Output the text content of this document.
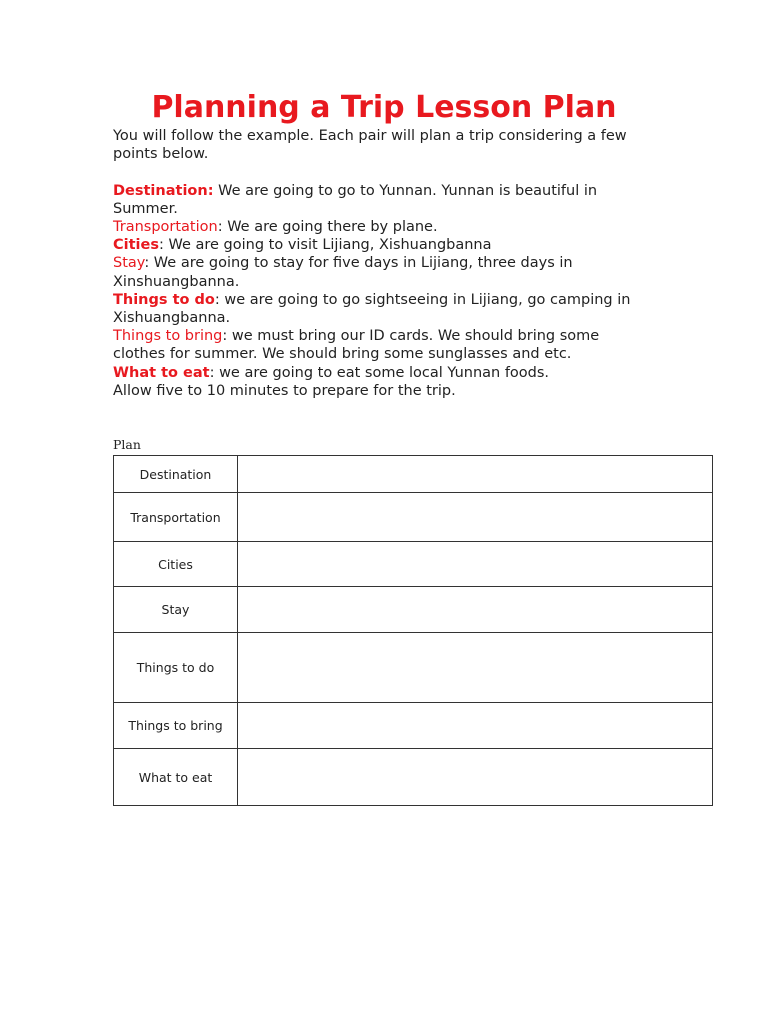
Planning a Trip Lesson Plan

You will follow the example. Each pair will plan a trip considering a few points below.

Destination: We are going to go to Yunnan. Yunnan is beautiful in Summer.

Transportation: We are going there by plane.

Cities: We are going to visit Lijiang, Xishuangbanna

Stay: We are going to stay for five days in Lijiang, three days in Xinshuangbanna.

Things to do: we are going to go sightseeing in Lijiang, go camping in Xishuangbanna.

Things to bring: we must bring our ID cards. We should bring some clothes for summer. We should bring some sunglasses and etc.

What to eat: we are going to eat some local Yunnan foods.

Allow five to 10 minutes to prepare for the trip.

Plan
Destination	
Transportation	
Cities	
Stay	
Things to do	
Things to bring	
What to eat	
